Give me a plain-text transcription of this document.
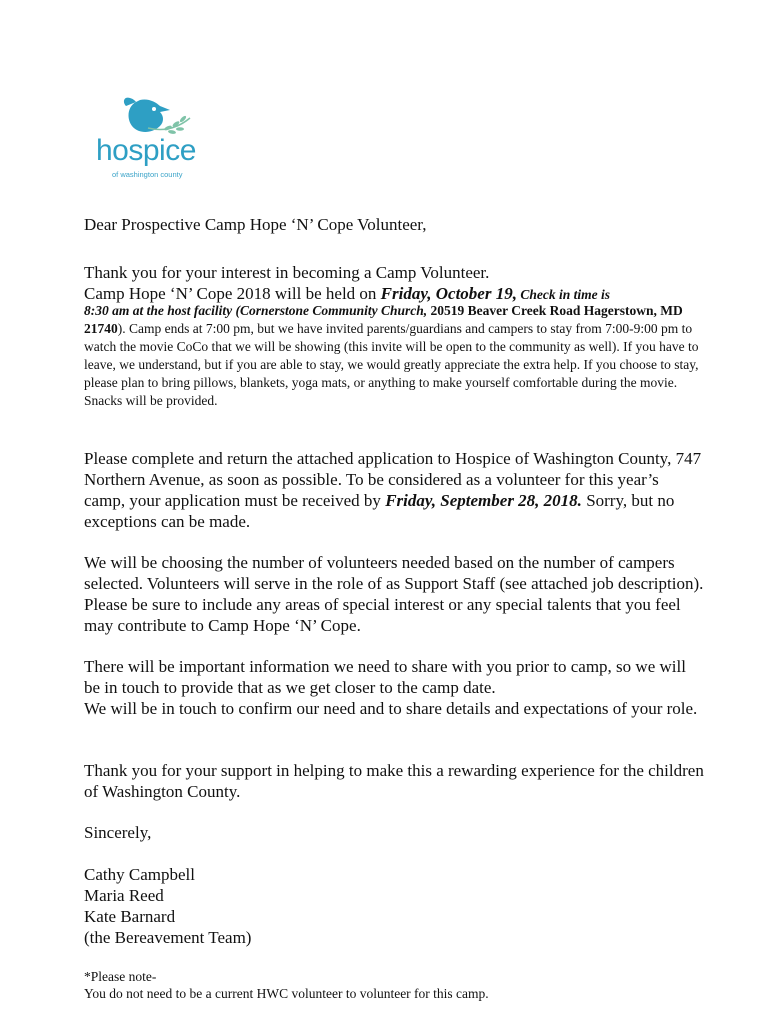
hospice
of washington county
Dear Prospective Camp Hope ‘N’ Cope Volunteer,
Thank you for your interest in becoming a Camp Volunteer.
Camp Hope ‘N’ Cope 2018 will be held on Friday, October 19, Check in time is
8:30 am at the host facility (Cornerstone Community Church, 20519 Beaver Creek Road Hagerstown, MD 21740). Camp ends at 7:00 pm, but we have invited parents/guardians and campers to stay from 7:00-9:00 pm to watch the movie CoCo that we will be showing (this invite will be open to the community as well). If you have to leave, we understand, but if you are able to stay, we would greatly appreciate the extra help. If you choose to stay, please plan to bring pillows, blankets, yoga mats, or anything to make yourself comfortable during the movie. Snacks will be provided.
Please complete and return the attached application to Hospice of Washington County, 747 Northern Avenue, as soon as possible. To be considered as a volunteer for this year’s camp, your application must be received by Friday, September 28, 2018. Sorry, but no exceptions can be made.
We will be choosing the number of volunteers needed based on the number of campers selected. Volunteers will serve in the role of as Support Staff (see attached job description). Please be sure to include any areas of special interest or any special talents that you feel may contribute to Camp Hope ‘N’ Cope.
There will be important information we need to share with you prior to camp, so we will be in touch to provide that as we get closer to the camp date.
We will be in touch to confirm our need and to share details and expectations of your role.
Thank you for your support in helping to make this a rewarding experience for the children of Washington County.
Sincerely,
Cathy Campbell
Maria Reed
Kate Barnard
(the Bereavement Team)
*Please note-
You do not need to be a current HWC volunteer to volunteer for this camp.
